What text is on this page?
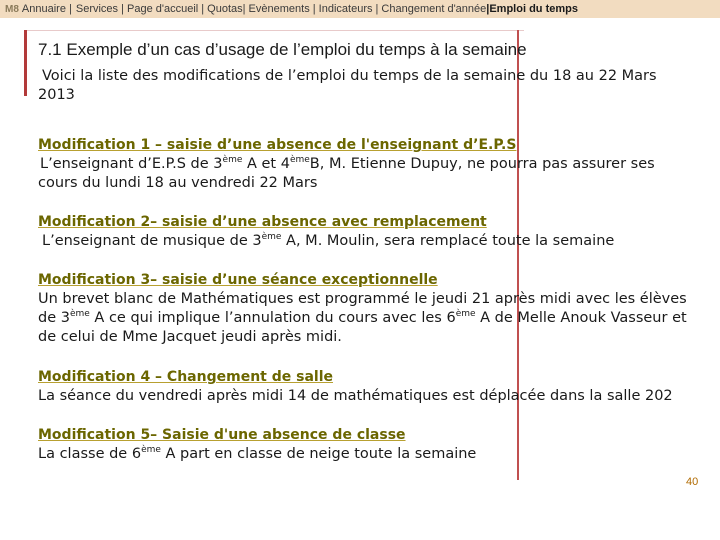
M8 Annuaire | Services | Page d'accueil | Quotas| Evènements | Indicateurs | Changement d'année |Emploi du temps
7.1 Exemple d’un cas d’usage de l’emploi du temps à la semaine

Voici la liste des modifications de l’emploi du temps de la semaine du 18 au 22 Mars 2013

Modification 1 – saisie d’une absence de l'enseignant d’E.P.S

L’enseignant d’E.P.S de 3ème A et 4èmeB, M. Etienne Dupuy, ne pourra pas assurer ses cours du lundi 18 au vendredi 22 Mars

Modification 2– saisie d’une absence avec remplacement

L’enseignant de musique de 3ème A, M. Moulin, sera remplacé toute la semaine

Modification 3– saisie d’une séance exceptionnelle

Un brevet blanc de Mathématiques est programmé le jeudi 21 après midi avec les élèves de 3ème A ce qui implique l’annulation du cours avec les 6ème A de Melle Anouk Vasseur et de celui de Mme Jacquet jeudi après midi.

Modification 4 – Changement de salle

La séance du vendredi après midi 14 de mathématiques est déplacée dans la salle 202

Modification 5– Saisie d'une absence de classe

La classe de 6ème A part en classe de neige toute la semaine

40
